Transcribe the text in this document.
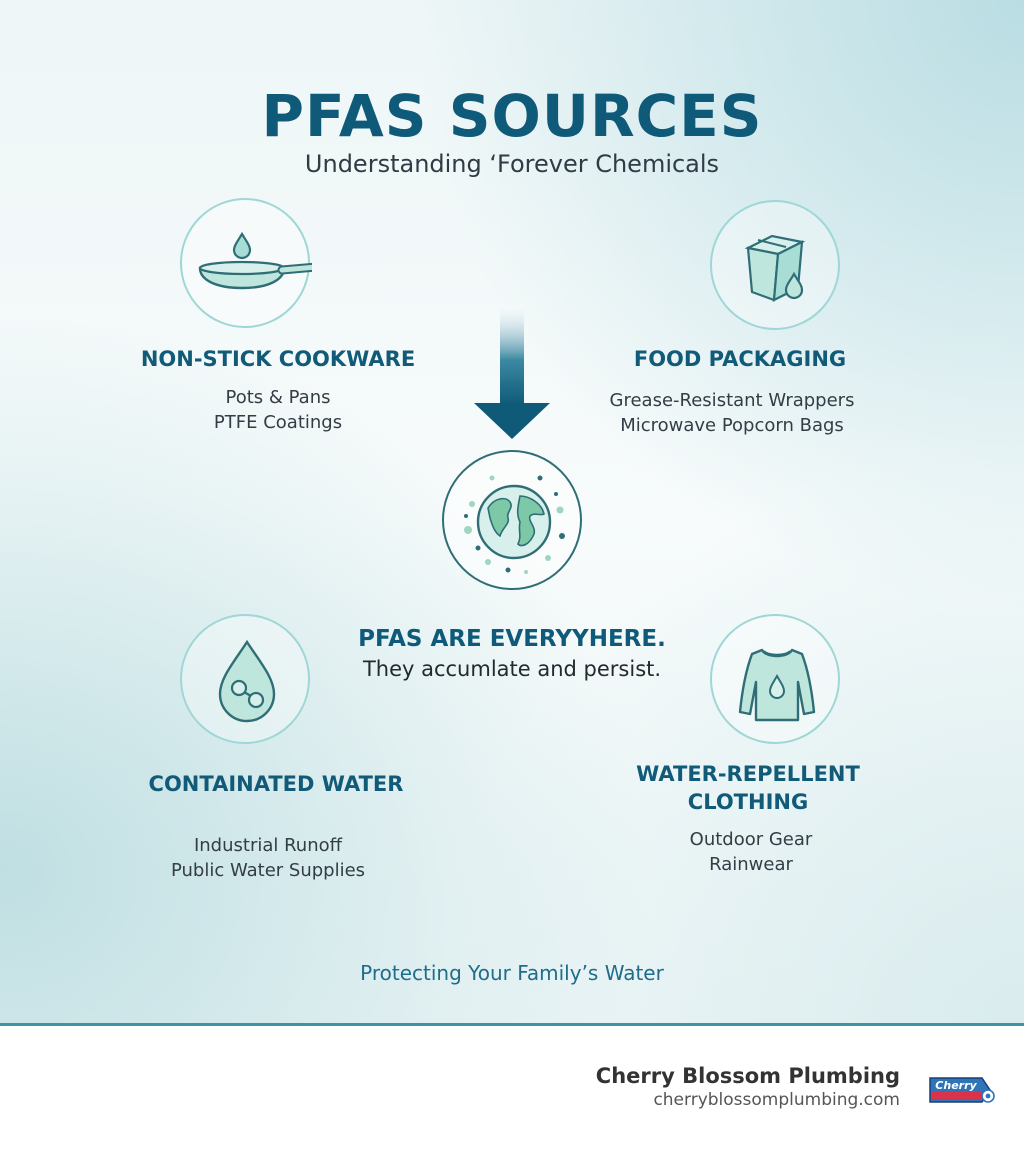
PFAS SOURCES
Understanding ‘Forever Chemicals
NON-STICK COOKWARE
Pots & Pans
PTFE Coatings
FOOD PACKAGING
Grease-Resistant Wrappers
Microwave Popcorn Bags
PFAS ARE EVERYYHERE.
They accumlate and persist.
CONTAINATED WATER
Industrial Runoff
Public Water Supplies
WATER-REPELLENT
CLOTHING
Outdoor Gear
Rainwear
Protecting Your Family’s Water
Cherry Blossom Plumbing
cherryblossomplumbing.com
Cherry
